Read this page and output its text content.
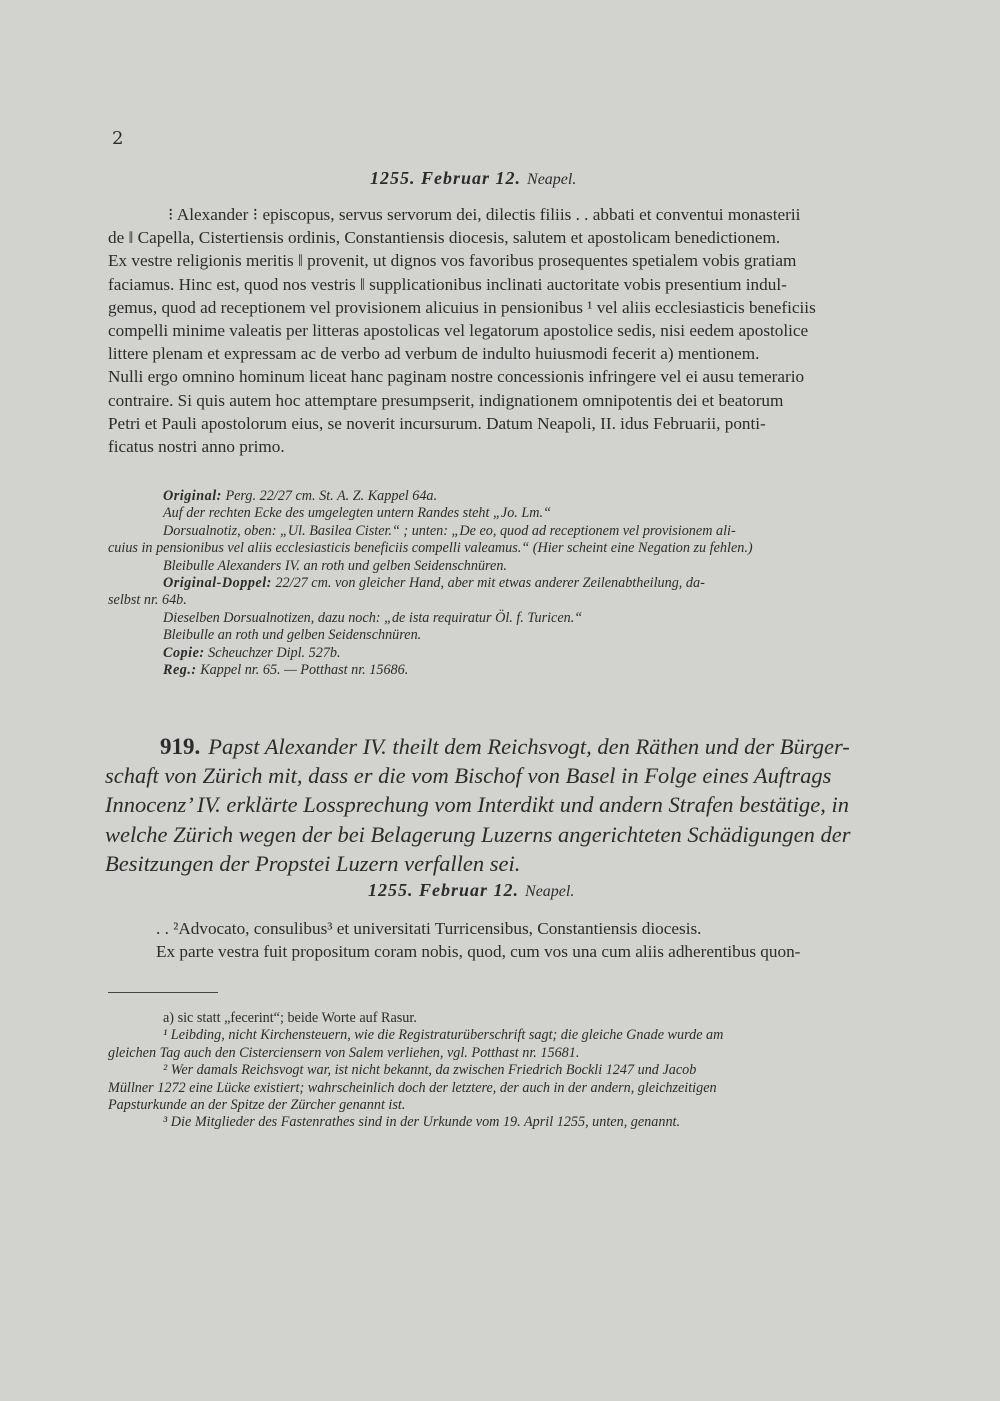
2
1255. Februar 12. Neapel.
⁝ Alexander ⁝ episcopus, servus servorum dei, dilectis filiis . . abbati et conventui monasterii
de ‖ Capella, Cistertiensis ordinis, Constantiensis diocesis, salutem et apostolicam benedictionem.
Ex vestre religionis meritis ‖ provenit, ut dignos vos favoribus prosequentes spetialem vobis gratiam
faciamus. Hinc est, quod nos vestris ‖ supplicationibus inclinati auctoritate vobis presentium indul-
gemus, quod ad receptionem vel provisionem alicuius in pensionibus ¹ vel aliis ecclesiasticis beneficiis
compelli minime valeatis per litteras apostolicas vel legatorum apostolice sedis, nisi eedem apostolice
littere plenam et expressam ac de verbo ad verbum de indulto huiusmodi fecerit a) mentionem.
Nulli ergo omnino hominum liceat hanc paginam nostre concessionis infringere vel ei ausu temerario
contraire. Si quis autem hoc attemptare presumpserit, indignationem omnipotentis dei et beatorum
Petri et Pauli apostolorum eius, se noverit incursurum. Datum Neapoli, II. idus Februarii, ponti-
ficatus nostri anno primo.
Original: Perg. 22/27 cm. St. A. Z. Kappel 64a.
Auf der rechten Ecke des umgelegten untern Randes steht „Jo. Lm.“
Dorsualnotiz, oben: „Ul. Basilea Cister.“ ; unten: „De eo, quod ad receptionem vel provisionem ali-
cuius in pensionibus vel aliis ecclesiasticis beneficiis compelli valeamus.“ (Hier scheint eine Negation zu fehlen.)
Bleibulle Alexanders IV. an roth und gelben Seidenschnüren.
Original-Doppel: 22/27 cm. von gleicher Hand, aber mit etwas anderer Zeilenabtheilung, da-
selbst nr. 64b.
Dieselben Dorsualnotizen, dazu noch: „de ista requiratur Öl. f. Turicen.“
Bleibulle an roth und gelben Seidenschnüren.
Copie: Scheuchzer Dipl. 527b.
Reg.: Kappel nr. 65. — Potthast nr. 15686.
919. Papst Alexander IV. theilt dem Reichsvogt, den Räthen und der Bürger-
schaft von Zürich mit, dass er die vom Bischof von Basel in Folge eines Auftrags
Innocenz’ IV. erklärte Lossprechung vom Interdikt und andern Strafen bestätige, in
welche Zürich wegen der bei Belagerung Luzerns angerichteten Schädigungen der
Besitzungen der Propstei Luzern verfallen sei.
1255. Februar 12. Neapel.
. . ²Advocato, consulibus³ et universitati Turricensibus, Constantiensis diocesis.
Ex parte vestra fuit propositum coram nobis, quod, cum vos una cum aliis adherentibus quon-
a) sic statt „fecerint“; beide Worte auf Rasur.
¹ Leibding, nicht Kirchensteuern, wie die Registraturüberschrift sagt; die gleiche Gnade wurde am
gleichen Tag auch den Cisterciensern von Salem verliehen, vgl. Potthast nr. 15681.
² Wer damals Reichsvogt war, ist nicht bekannt, da zwischen Friedrich Bockli 1247 und Jacob
Müllner 1272 eine Lücke existiert; wahrscheinlich doch der letztere, der auch in der andern, gleichzeitigen
Papsturkunde an der Spitze der Zürcher genannt ist.
³ Die Mitglieder des Fastenrathes sind in der Urkunde vom 19. April 1255, unten, genannt.
